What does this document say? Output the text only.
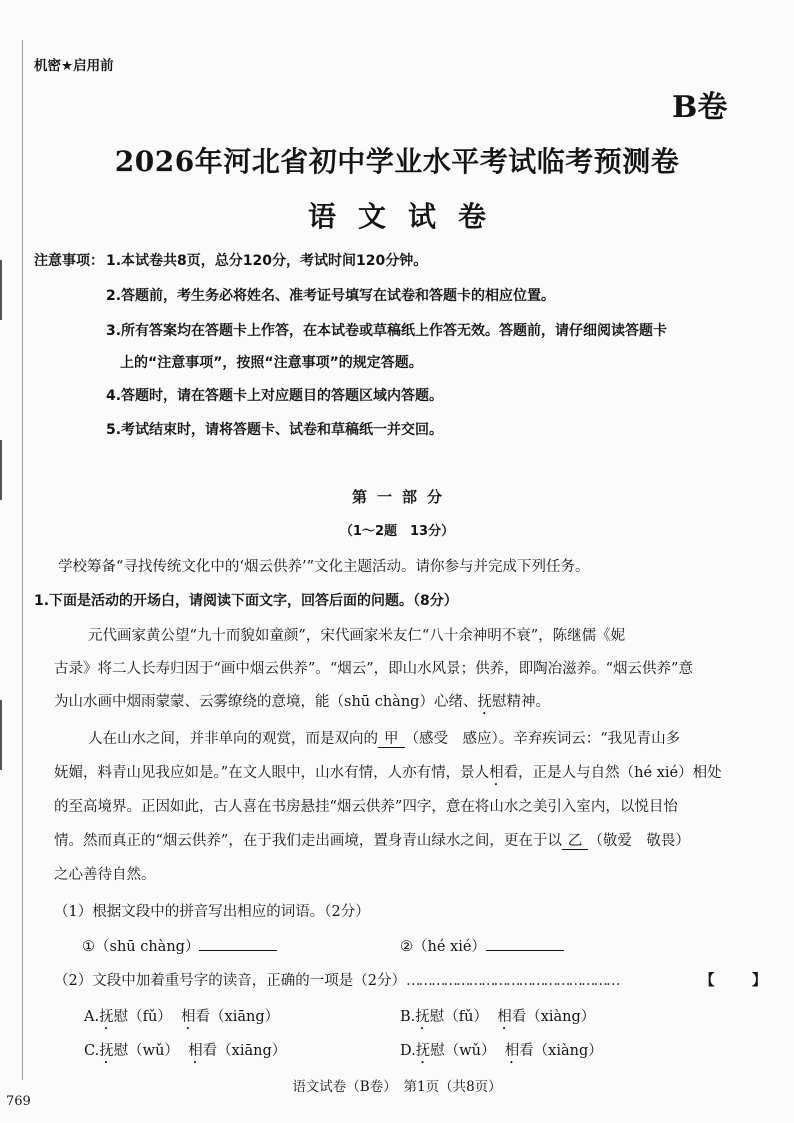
机密★启用前
B卷
2026年河北省初中学业水平考试临考预测卷
语文试卷
注意事项： 1.本试卷共8页，总分120分，考试时间120分钟。
2.答题前，考生务必将姓名、准考证号填写在试卷和答题卡的相应位置。
3.所有答案均在答题卡上作答，在本试卷或草稿纸上作答无效。答题前，请仔细阅读答题卡
上的“注意事项”，按照“注意事项”的规定答题。
4.答题时，请在答题卡上对应题目的答题区域内答题。
5.考试结束时，请将答题卡、试卷和草稿纸一并交回。
第一部分
（1～2题　13分）
学校筹备“寻找传统文化中的‘烟云供养’”文化主题活动。请你参与并完成下列任务。
1.下面是活动的开场白，请阅读下面文字，回答后面的问题。（8分）
元代画家黄公望“九十而貌如童颜”，宋代画家米友仁“八十余神明不衰”，陈继儒《妮
古录》将二人长寿归因于“画中烟云供养”。“烟云”，即山水风景；供养，即陶冶滋养。“烟云供养”意
为山水画中烟雨蒙蒙、云雾缭绕的意境，能（shū chàng）心绪、抚慰精神。
人在山水之间，并非单向的观赏，而是双向的 甲 （感受　感应）。辛弃疾词云：“我见青山多
妩媚，料青山见我应如是。”在文人眼中，山水有情，人亦有情，景人相看，正是人与自然（hé xié）相处
的至高境界。正因如此，古人喜在书房悬挂“烟云供养”四字，意在将山水之美引入室内，以悦目怡
情。然而真正的“烟云供养”，在于我们走出画境，置身青山绿水之间，更在于以 乙 （敬爱　敬畏）
之心善待自然。
（1）根据文段中的拼音写出相应的词语。（2分）
①（shū chàng）	②（hé xié）
（2）文段中加着重号字的读音，正确的一项是（2分）……………………………………………	【	】
A.抚慰（fǔ） 相看（xiāng）	B.抚慰（fǔ） 相看（xiàng）
C.抚慰（wǔ） 相看（xiāng）	D.抚慰（wǔ） 相看（xiàng）
语文试卷（B卷）　第1页（共8页）
769
